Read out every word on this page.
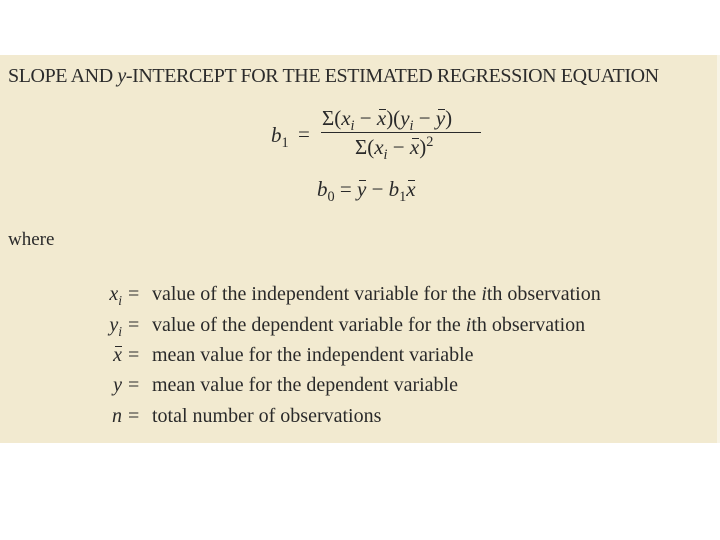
SLOPE AND y-INTERCEPT FOR THE ESTIMATED REGRESSION EQUATION
$b_1$ =
$\Sigma(x_i - x)(y_i - y)$
$\Sigma(x_i - x)^2$
$b_0 = y - b_1x$
where
$x_i$ = value of the independent variable for the ith observation
$y_i$ = value of the dependent variable for the ith observation
x = mean value for the independent variable
y = mean value for the dependent variable
n = total number of observations
